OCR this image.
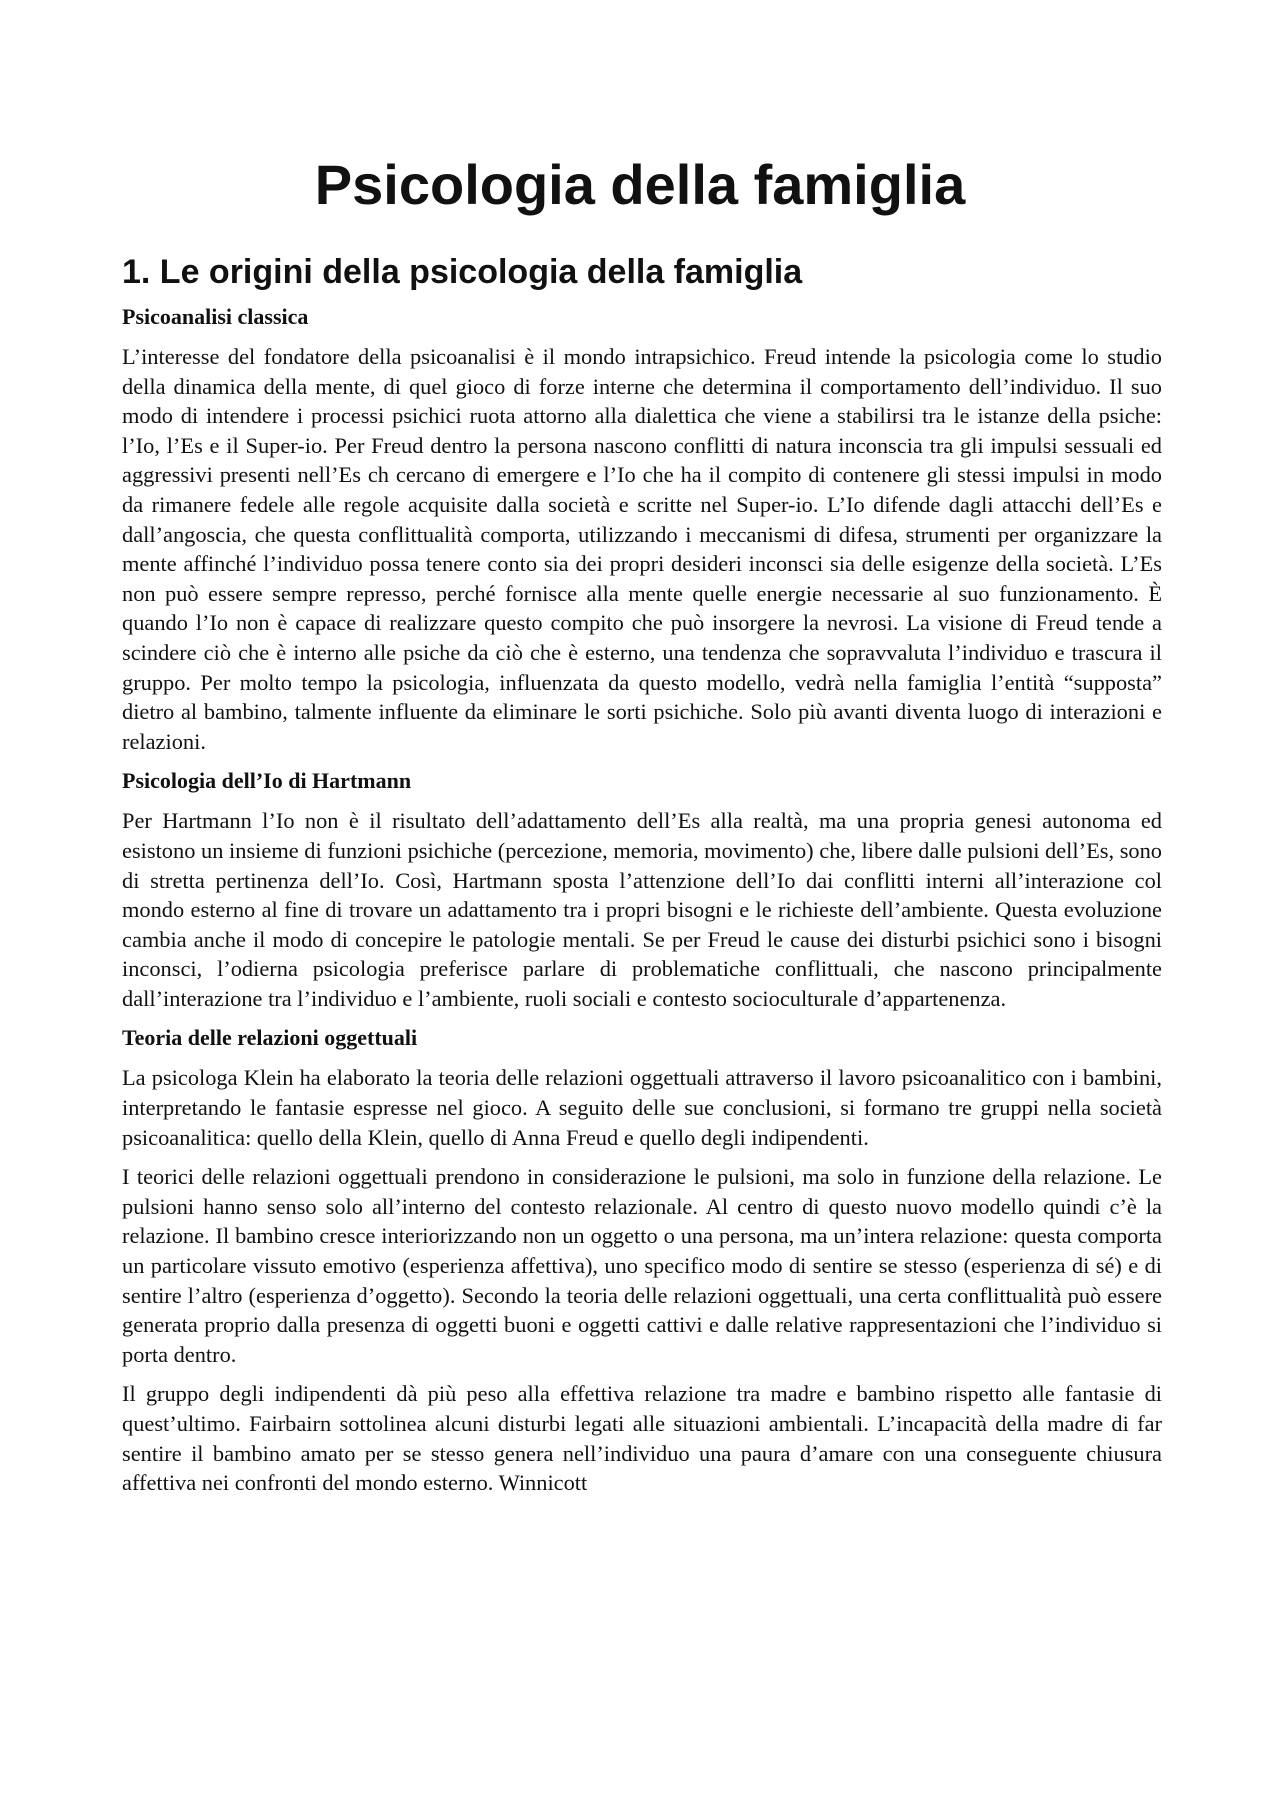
Psicologia della famiglia
1. Le origini della psicologia della famiglia
Psicoanalisi classica

L’interesse del fondatore della psicoanalisi è il mondo intrapsichico. Freud intende la psicologia come lo studio della dinamica della mente, di quel gioco di forze interne che determina il comportamento dell’individuo. Il suo modo di intendere i processi psichici ruota attorno alla dialettica che viene a stabilirsi tra le istanze della psiche: l’Io, l’Es e il Super-io. Per Freud dentro la persona nascono conflitti di natura inconscia tra gli impulsi sessuali ed aggressivi presenti nell’Es ch cercano di emergere e l’Io che ha il compito di contenere gli stessi impulsi in modo da rimanere fedele alle regole acquisite dalla società e scritte nel Super-io. L’Io difende dagli attacchi dell’Es e dall’angoscia, che questa conflittualità comporta, utilizzando i meccanismi di difesa, strumenti per organizzare la mente affinché l’individuo possa tenere conto sia dei propri desideri inconsci sia delle esigenze della società. L’Es non può essere sempre represso, perché fornisce alla mente quelle energie necessarie al suo funzionamento. È quando l’Io non è capace di realizzare questo compito che può insorgere la nevrosi. La visione di Freud tende a scindere ciò che è interno alle psiche da ciò che è esterno, una tendenza che sopravvaluta l’individuo e trascura il gruppo. Per molto tempo la psicologia, influenzata da questo modello, vedrà nella famiglia l’entità “supposta” dietro al bambino, talmente influente da eliminare le sorti psichiche. Solo più avanti diventa luogo di interazioni e relazioni.

Psicologia dell’Io di Hartmann

Per Hartmann l’Io non è il risultato dell’adattamento dell’Es alla realtà, ma una propria genesi autonoma ed esistono un insieme di funzioni psichiche (percezione, memoria, movimento) che, libere dalle pulsioni dell’Es, sono di stretta pertinenza dell’Io. Così, Hartmann sposta l’attenzione dell’Io dai conflitti interni all’interazione col mondo esterno al fine di trovare un adattamento tra i propri bisogni e le richieste dell’ambiente. Questa evoluzione cambia anche il modo di concepire le patologie mentali. Se per Freud le cause dei disturbi psichici sono i bisogni inconsci, l’odierna psicologia preferisce parlare di problematiche conflittuali, che nascono principalmente dall’interazione tra l’individuo e l’ambiente, ruoli sociali e contesto socioculturale d’appartenenza.

Teoria delle relazioni oggettuali

La psicologa Klein ha elaborato la teoria delle relazioni oggettuali attraverso il lavoro psicoanalitico con i bambini, interpretando le fantasie espresse nel gioco. A seguito delle sue conclusioni, si formano tre gruppi nella società psicoanalitica: quello della Klein, quello di Anna Freud e quello degli indipendenti.

I teorici delle relazioni oggettuali prendono in considerazione le pulsioni, ma solo in funzione della relazione. Le pulsioni hanno senso solo all’interno del contesto relazionale. Al centro di questo nuovo modello quindi c’è la relazione. Il bambino cresce interiorizzando non un oggetto o una persona, ma un’intera relazione: questa comporta un particolare vissuto emotivo (esperienza affettiva), uno specifico modo di sentire se stesso (esperienza di sé) e di sentire l’altro (esperienza d’oggetto). Secondo la teoria delle relazioni oggettuali, una certa conflittualità può essere generata proprio dalla presenza di oggetti buoni e oggetti cattivi e dalle relative rappresentazioni che l’individuo si porta dentro.

Il gruppo degli indipendenti dà più peso alla effettiva relazione tra madre e bambino rispetto alle fantasie di quest’ultimo. Fairbairn sottolinea alcuni disturbi legati alle situazioni ambientali. L’incapacità della madre di far sentire il bambino amato per se stesso genera nell’individuo una paura d’amare con una conseguente chiusura affettiva nei confronti del mondo esterno. Winnicott
